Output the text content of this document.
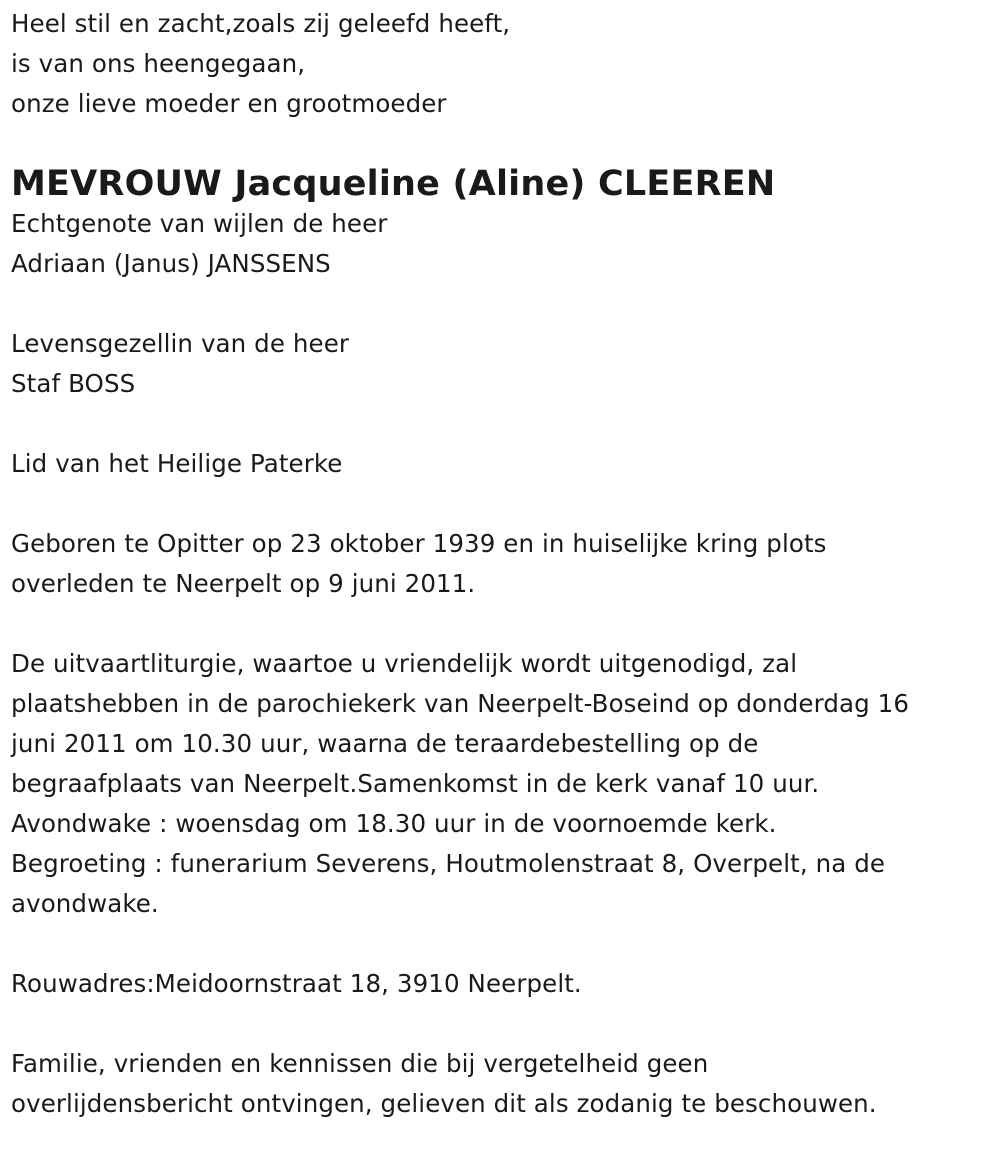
Heel stil en zacht,zoals zij geleefd heeft,
is van ons heengegaan,
onze lieve moeder en grootmoeder
MEVROUW Jacqueline (Aline) CLEEREN
Echtgenote van wijlen de heer
Adriaan (Janus) JANSSENS
Levensgezellin van de heer
Staf BOSS
Lid van het Heilige Paterke
Geboren te Opitter op 23 oktober 1939 en in huiselijke kring plots
overleden te Neerpelt op 9 juni 2011.
De uitvaartliturgie, waartoe u vriendelijk wordt uitgenodigd, zal
plaatshebben in de parochiekerk van Neerpelt-Boseind op donderdag 16
juni 2011 om 10.30 uur, waarna de teraardebestelling op de
begraafplaats van Neerpelt.Samenkomst in de kerk vanaf 10 uur.
Avondwake : woensdag om 18.30 uur in de voornoemde kerk.
Begroeting : funerarium Severens, Houtmolenstraat 8, Overpelt, na de
avondwake.
Rouwadres:Meidoornstraat 18, 3910 Neerpelt.
Familie, vrienden en kennissen die bij vergetelheid geen
overlijdensbericht ontvingen, gelieven dit als zodanig te beschouwen.
